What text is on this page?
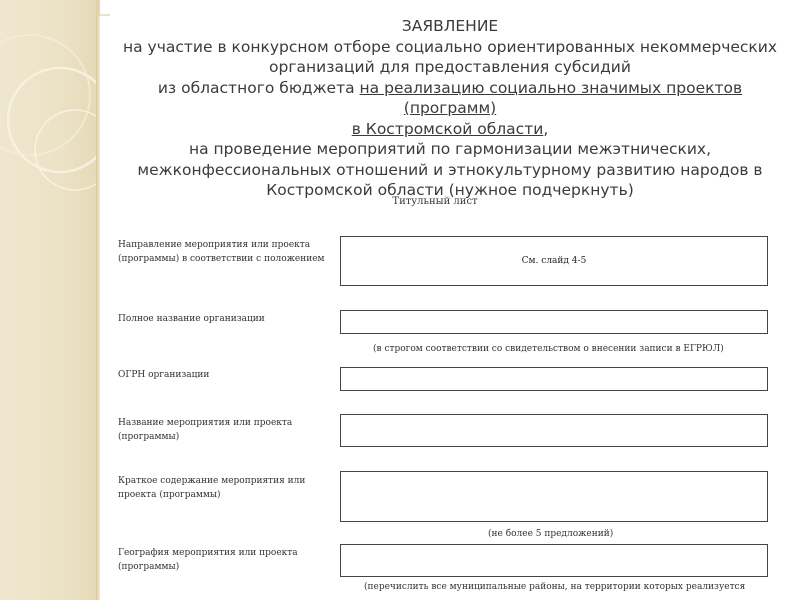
ЗАЯВЛЕНИЕ
на участие в конкурсном отборе социально ориентированных некоммерческих
организаций для предоставления субсидий
из областного бюджета на реализацию социально значимых проектов (программ)
в Костромской области,
на проведение мероприятий по гармонизации межэтнических,
межконфессиональных отношений и этнокультурному развитию народов в
Костромской области (нужное подчеркнуть)
Титульный лист
Направление мероприятия или проекта
(программы) в соответствии с положением	См. слайд 4-5
Полное название организации
(в строгом соответствии со свидетельством о внесении записи в ЕГРЮЛ)
ОГРН организации
Название мероприятия или проекта
(программы)
Краткое содержание мероприятия или
проекта (программы)
(не более 5 предложений)
География мероприятия или проекта
(программы)
(перечислить все муниципальные районы, на территории которых реализуется
